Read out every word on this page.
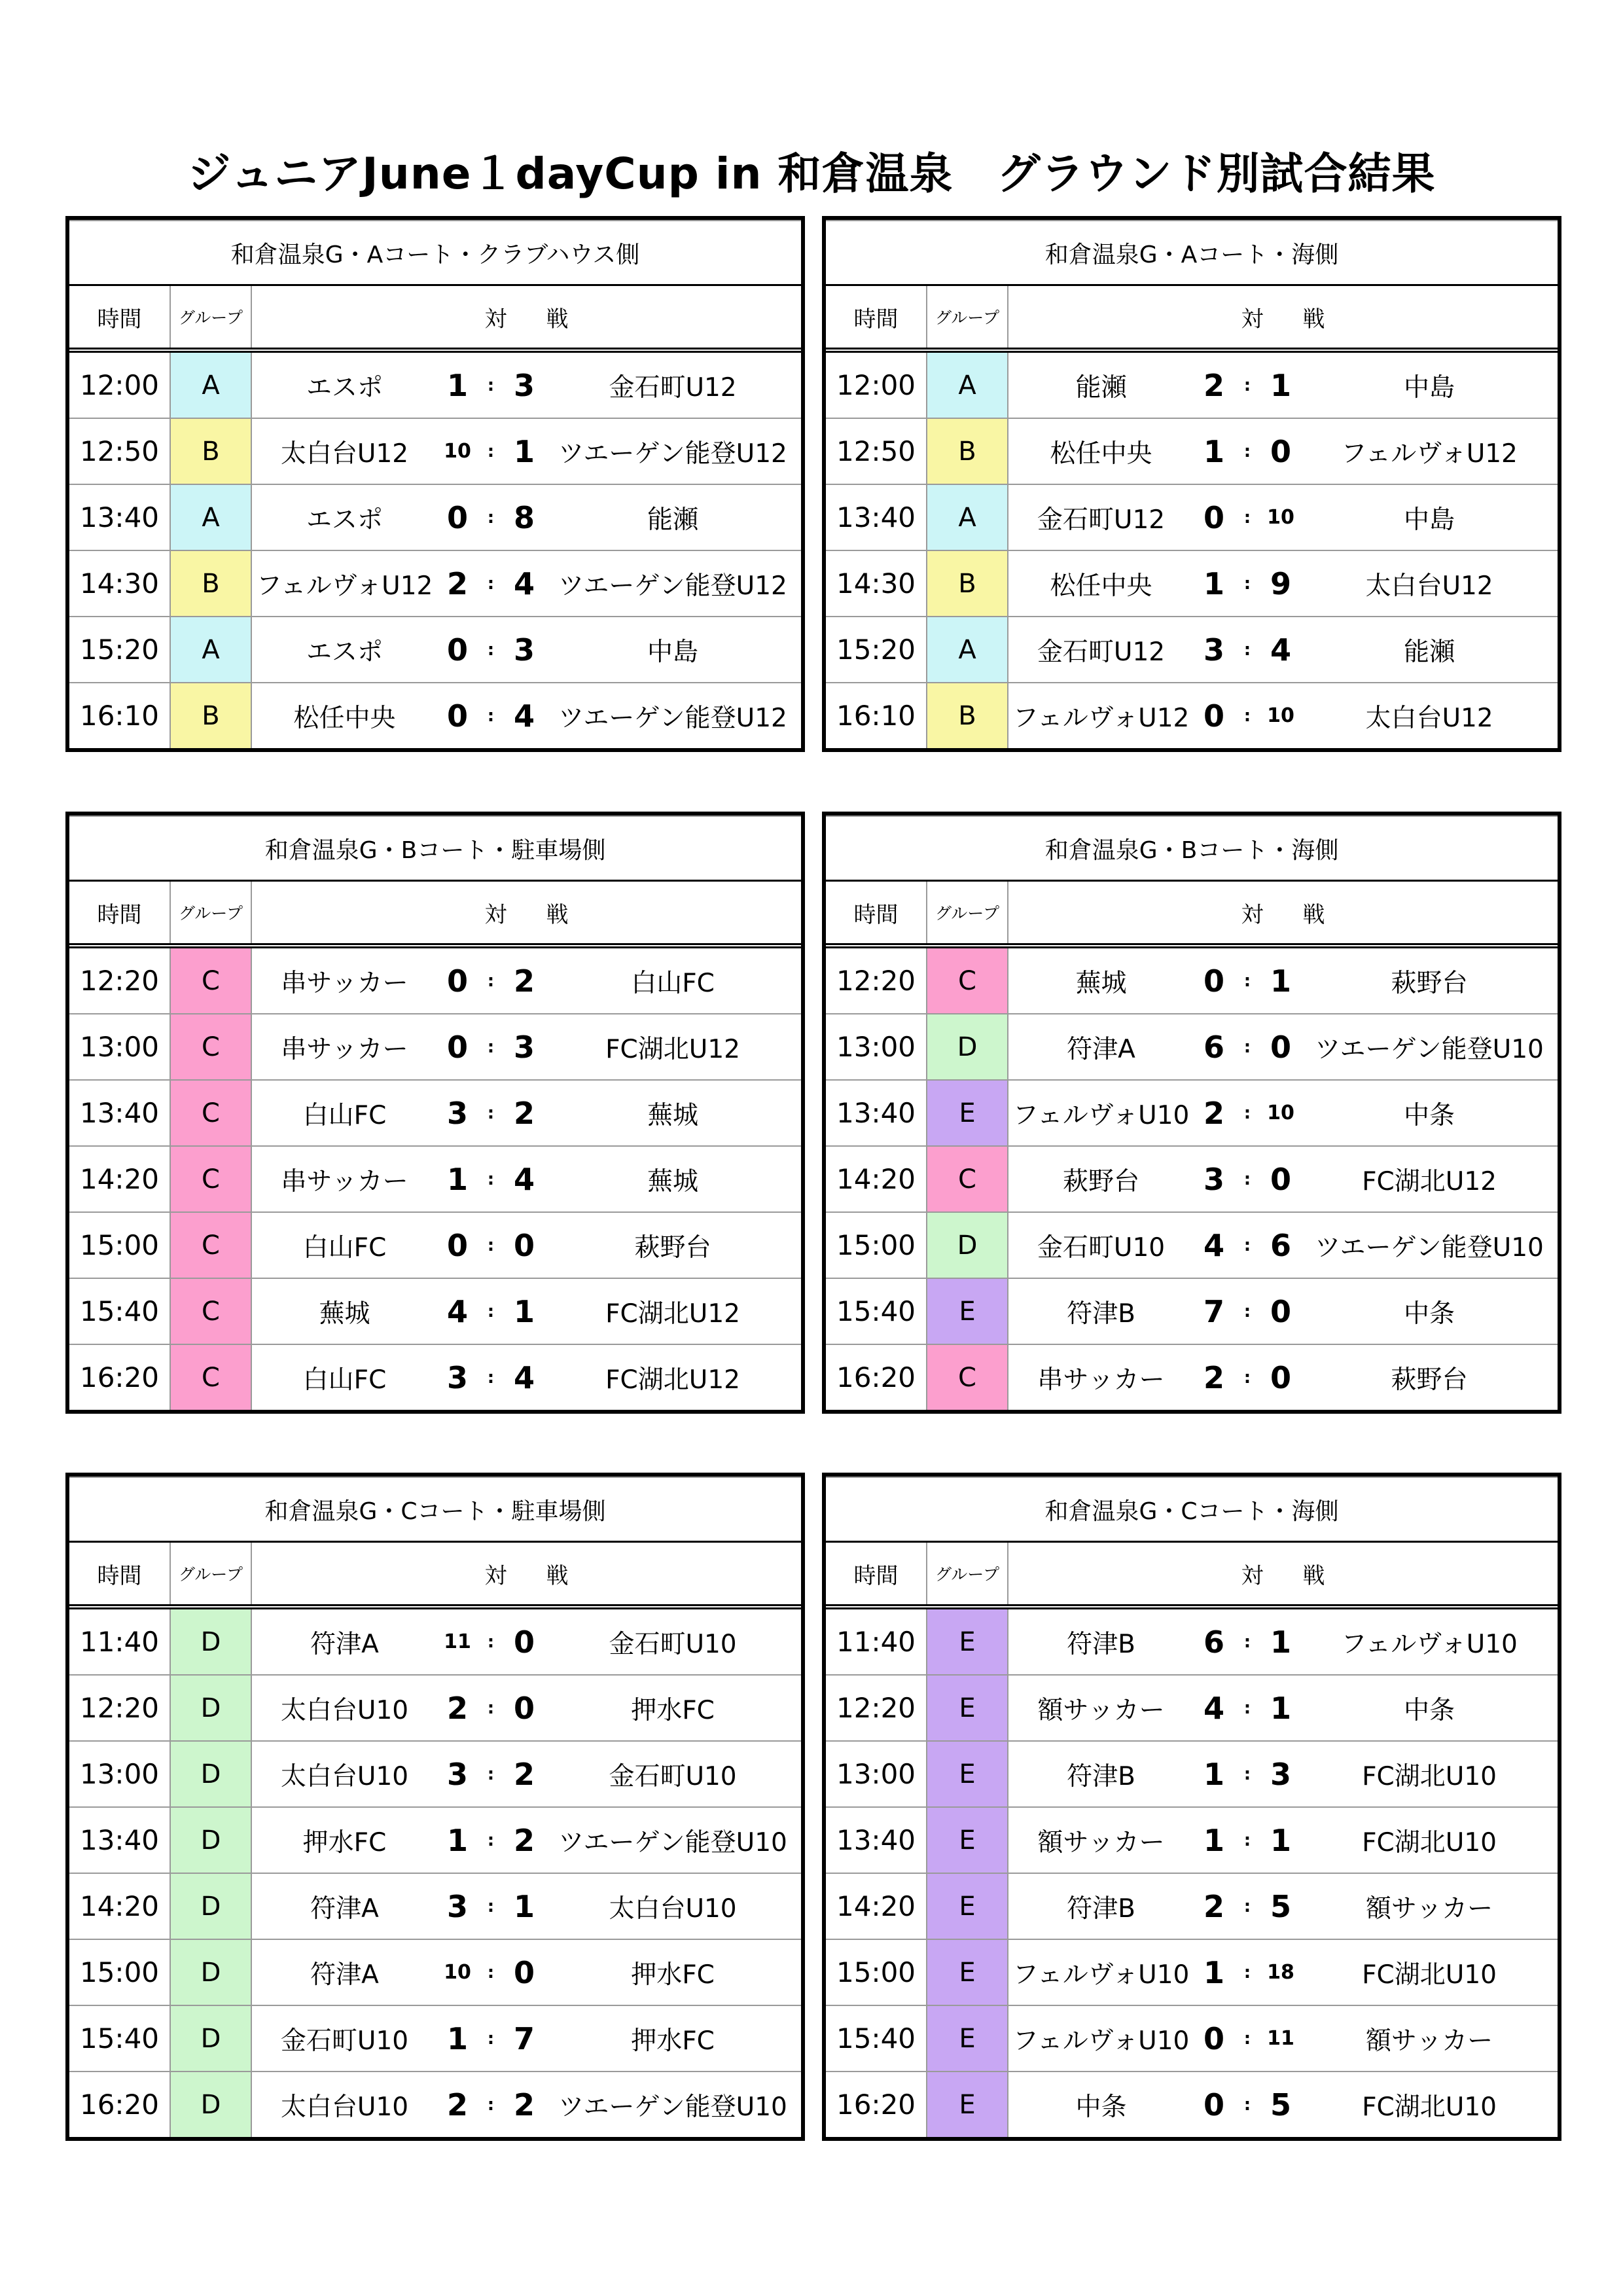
ジュニアJune１dayCup in 和倉温泉　グラウンド別試合結果
和倉温泉G・Aコート・クラブハウス側						
時間	グループ	対戦				
12:00	A	エスポ	1	:	3	金石町U12
12:50	B	太白台U12	10	:	1	ツエーゲン能登U12
13:40	A	エスポ	0	:	8	能瀬
14:30	B	フェルヴォU12	2	:	4	ツエーゲン能登U12
15:20	A	エスポ	0	:	3	中島
16:10	B	松任中央	0	:	4	ツエーゲン能登U12
和倉温泉G・Aコート・海側						
時間	グループ	対戦				
12:00	A	能瀬	2	:	1	中島
12:50	B	松任中央	1	:	0	フェルヴォU12
13:40	A	金石町U12	0	:	10	中島
14:30	B	松任中央	1	:	9	太白台U12
15:20	A	金石町U12	3	:	4	能瀬
16:10	B	フェルヴォU12	0	:	10	太白台U12
和倉温泉G・Bコート・駐車場側						
時間	グループ	対戦				
12:20	C	串サッカー	0	:	2	白山FC
13:00	C	串サッカー	0	:	3	FC湖北U12
13:40	C	白山FC	3	:	2	蕪城
14:20	C	串サッカー	1	:	4	蕪城
15:00	C	白山FC	0	:	0	萩野台
15:40	C	蕪城	4	:	1	FC湖北U12
16:20	C	白山FC	3	:	4	FC湖北U12
和倉温泉G・Bコート・海側						
時間	グループ	対戦				
12:20	C	蕪城	0	:	1	萩野台
13:00	D	符津A	6	:	0	ツエーゲン能登U10
13:40	E	フェルヴォU10	2	:	10	中条
14:20	C	萩野台	3	:	0	FC湖北U12
15:00	D	金石町U10	4	:	6	ツエーゲン能登U10
15:40	E	符津B	7	:	0	中条
16:20	C	串サッカー	2	:	0	萩野台
和倉温泉G・Cコート・駐車場側						
時間	グループ	対戦				
11:40	D	符津A	11	:	0	金石町U10
12:20	D	太白台U10	2	:	0	押水FC
13:00	D	太白台U10	3	:	2	金石町U10
13:40	D	押水FC	1	:	2	ツエーゲン能登U10
14:20	D	符津A	3	:	1	太白台U10
15:00	D	符津A	10	:	0	押水FC
15:40	D	金石町U10	1	:	7	押水FC
16:20	D	太白台U10	2	:	2	ツエーゲン能登U10
和倉温泉G・Cコート・海側						
時間	グループ	対戦				
11:40	E	符津B	6	:	1	フェルヴォU10
12:20	E	額サッカー	4	:	1	中条
13:00	E	符津B	1	:	3	FC湖北U10
13:40	E	額サッカー	1	:	1	FC湖北U10
14:20	E	符津B	2	:	5	額サッカー
15:00	E	フェルヴォU10	1	:	18	FC湖北U10
15:40	E	フェルヴォU10	0	:	11	額サッカー
16:20	E	中条	0	:	5	FC湖北U10
